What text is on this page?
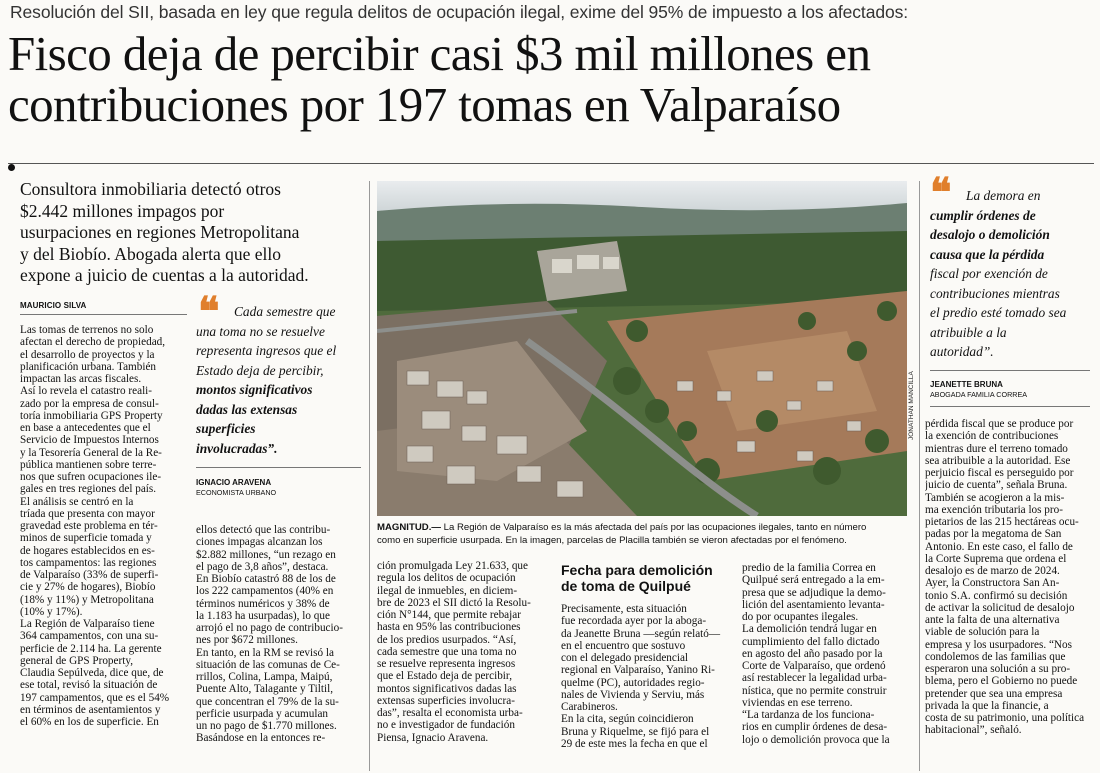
Resolución del SII, basada en ley que regula delitos de ocupación ilegal, exime del 95% de impuesto a los afectados:
Fisco deja de percibir casi $3 mil millones en
contribuciones por 197 tomas en Valparaíso
Consultora inmobiliaria detectó otros
$2.442 millones impagos por
usurpaciones en regiones Metropolitana
y del Biobío. Abogada alerta que ello
expone a juicio de cuentas a la autoridad.
MAURICIO SILVA
Las tomas de terrenos no solo
afectan el derecho de propiedad,
el desarrollo de proyectos y la
planificación urbana. También
impactan las arcas fiscales.
Así lo revela el catastro reali-
zado por la empresa de consul-
toría inmobiliaria GPS Property
en base a antecedentes que el
Servicio de Impuestos Internos
y la Tesorería General de la Re-
pública mantienen sobre terre-
nos que sufren ocupaciones ile-
gales en tres regiones del país.
El análisis se centró en la
tríada que presenta con mayor
gravedad este problema en tér-
minos de superficie tomada y
de hogares establecidos en es-
tos campamentos: las regiones
de Valparaíso (33% de superfi-
cie y 27% de hogares), Biobío
(18% y 11%) y Metropolitana
(10% y 17%).
La Región de Valparaíso tiene
364 campamentos, con una su-
perficie de 2.114 ha. La gerente
general de GPS Property,
Claudia Sepúlveda, dice que, de
ese total, revisó la situación de
197 campamentos, que es el 54%
en términos de asentamientos y
el 60% en los de superficie. En
❝	Cada semestre que
una toma no se resuelve
representa ingresos que el
Estado deja de percibir,
montos significativos
dadas las extensas
superficies
involucradas”.
IGNACIO ARAVENA
ECONOMISTA URBANO
JONATHAN MANCILLA
MAGNITUD.— La Región de Valparaíso es la más afectada del país por las ocupaciones ilegales, tanto en número
como en superficie usurpada. En la imagen, parcelas de Placilla también se vieron afectadas por el fenómeno.
ellos detectó que las contribu-
ciones impagas alcanzan los
$2.882 millones, “un rezago en
el pago de 3,8 años”, destaca.
En Biobío catastró 88 de los de
los 222 campamentos (40% en
términos numéricos y 38% de
la 1.183 ha usurpadas), lo que
arrojó el no pago de contribucio-
nes por $672 millones.
En tanto, en la RM se revisó la
situación de las comunas de Ce-
rrillos, Colina, Lampa, Maipú,
Puente Alto, Talagante y Tiltil,
que concentran el 79% de la su-
perficie usurpada y acumulan
un no pago de $1.770 millones.
Basándose en la entonces re-
ción promulgada Ley 21.633, que
regula los delitos de ocupación
ilegal de inmuebles, en diciem-
bre de 2023 el SII dictó la Resolu-
ción N°144, que permite rebajar
hasta en 95% las contribuciones
de los predios usurpados. “Así,
cada semestre que una toma no
se resuelve representa ingresos
que el Estado deja de percibir,
montos significativos dadas las
extensas superficies involucra-
das”, resalta el economista urba-
no e investigador de fundación
Piensa, Ignacio Aravena.
Fecha para demolición
de toma de Quilpué
Precisamente, esta situación
fue recordada ayer por la aboga-
da Jeanette Bruna —según relató—
en el encuentro que sostuvo
con el delegado presidencial
regional en Valparaíso, Yanino Ri-
quelme (PC), autoridades regio-
nales de Vivienda y Serviu, más
Carabineros.
En la cita, según coincidieron
Bruna y Riquelme, se fijó para el
29 de este mes la fecha en que el
predio de la familia Correa en
Quilpué será entregado a la em-
presa que se adjudique la demo-
lición del asentamiento levanta-
do por ocupantes ilegales.
La demolición tendrá lugar en
cumplimiento del fallo dictado
en agosto del año pasado por la
Corte de Valparaíso, que ordenó
así restablecer la legalidad urba-
nística, que no permite construir
viviendas en ese terreno.
“La tardanza de los funciona-
rios en cumplir órdenes de desa-
lojo o demolición provoca que la
❝	La demora en
cumplir órdenes de
desalojo o demolición
causa que la pérdida
fiscal por exención de
contribuciones mientras
el predio esté tomado sea
atribuible a la
autoridad”.
JEANETTE BRUNA
ABOGADA FAMILIA CORREA
pérdida fiscal que se produce por
la exención de contribuciones
mientras dure el terreno tomado
sea atribuible a la autoridad. Ese
perjuicio fiscal es perseguido por
juicio de cuenta”, señala Bruna.
También se acogieron a la mis-
ma exención tributaria los pro-
pietarios de las 215 hectáreas ocu-
padas por la megatoma de San
Antonio. En este caso, el fallo de
la Corte Suprema que ordena el
desalojo es de marzo de 2024.
Ayer, la Constructora San An-
tonio S.A. confirmó su decisión
de activar la solicitud de desalojo
ante la falta de una alternativa
viable de solución para la
empresa y los usurpadores. “Nos
condolemos de las familias que
esperaron una solución a su pro-
blema, pero el Gobierno no puede
pretender que sea una empresa
privada la que la financie, a
costa de su patrimonio, una política
habitacional”, señaló.
